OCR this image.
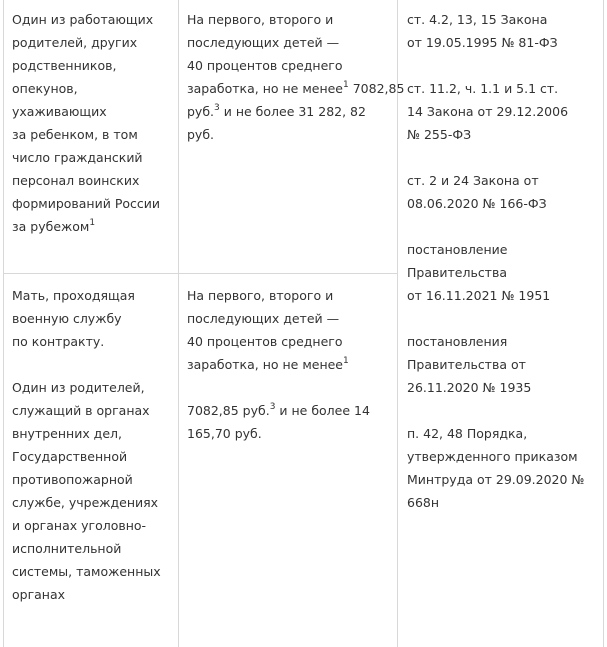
Один из работающих
родителей, других
родственников,
опекунов,
ухаживающих
за ребенком, в том
число гражданский
персонал воинских
формирований России
за рубежом$^1$
На первого, второго и
последующих детей —
40 процентов среднего
заработка, но не менее$^1$ 7082,85
руб.$^3$ и не более 31 282, 82
руб.
Мать, проходящая
военную службу
по контракту.
Один из родителей,
служащий в органах
внутренних дел,
Государственной
противопожарной
службе, учреждениях
и органах уголовно-
исполнительной
системы, таможенных
органах
На первого, второго и
последующих детей —
40 процентов среднего
заработка, но не менее$^1$
7082,85 руб.$^3$ и не более 14
165,70 руб.
ст. 4.2, 13, 15 Закона
от 19.05.1995 № 81-ФЗ
ст. 11.2, ч. 1.1 и 5.1 ст.
14 Закона от 29.12.2006
№ 255-ФЗ
ст. 2 и 24 Закона от
08.06.2020 № 166-ФЗ
постановление
Правительства
от 16.11.2021 № 1951
постановления
Правительства от
26.11.2020 № 1935
п. 42, 48 Порядка,
утвержденного приказом
Минтруда от 29.09.2020 №
668н
